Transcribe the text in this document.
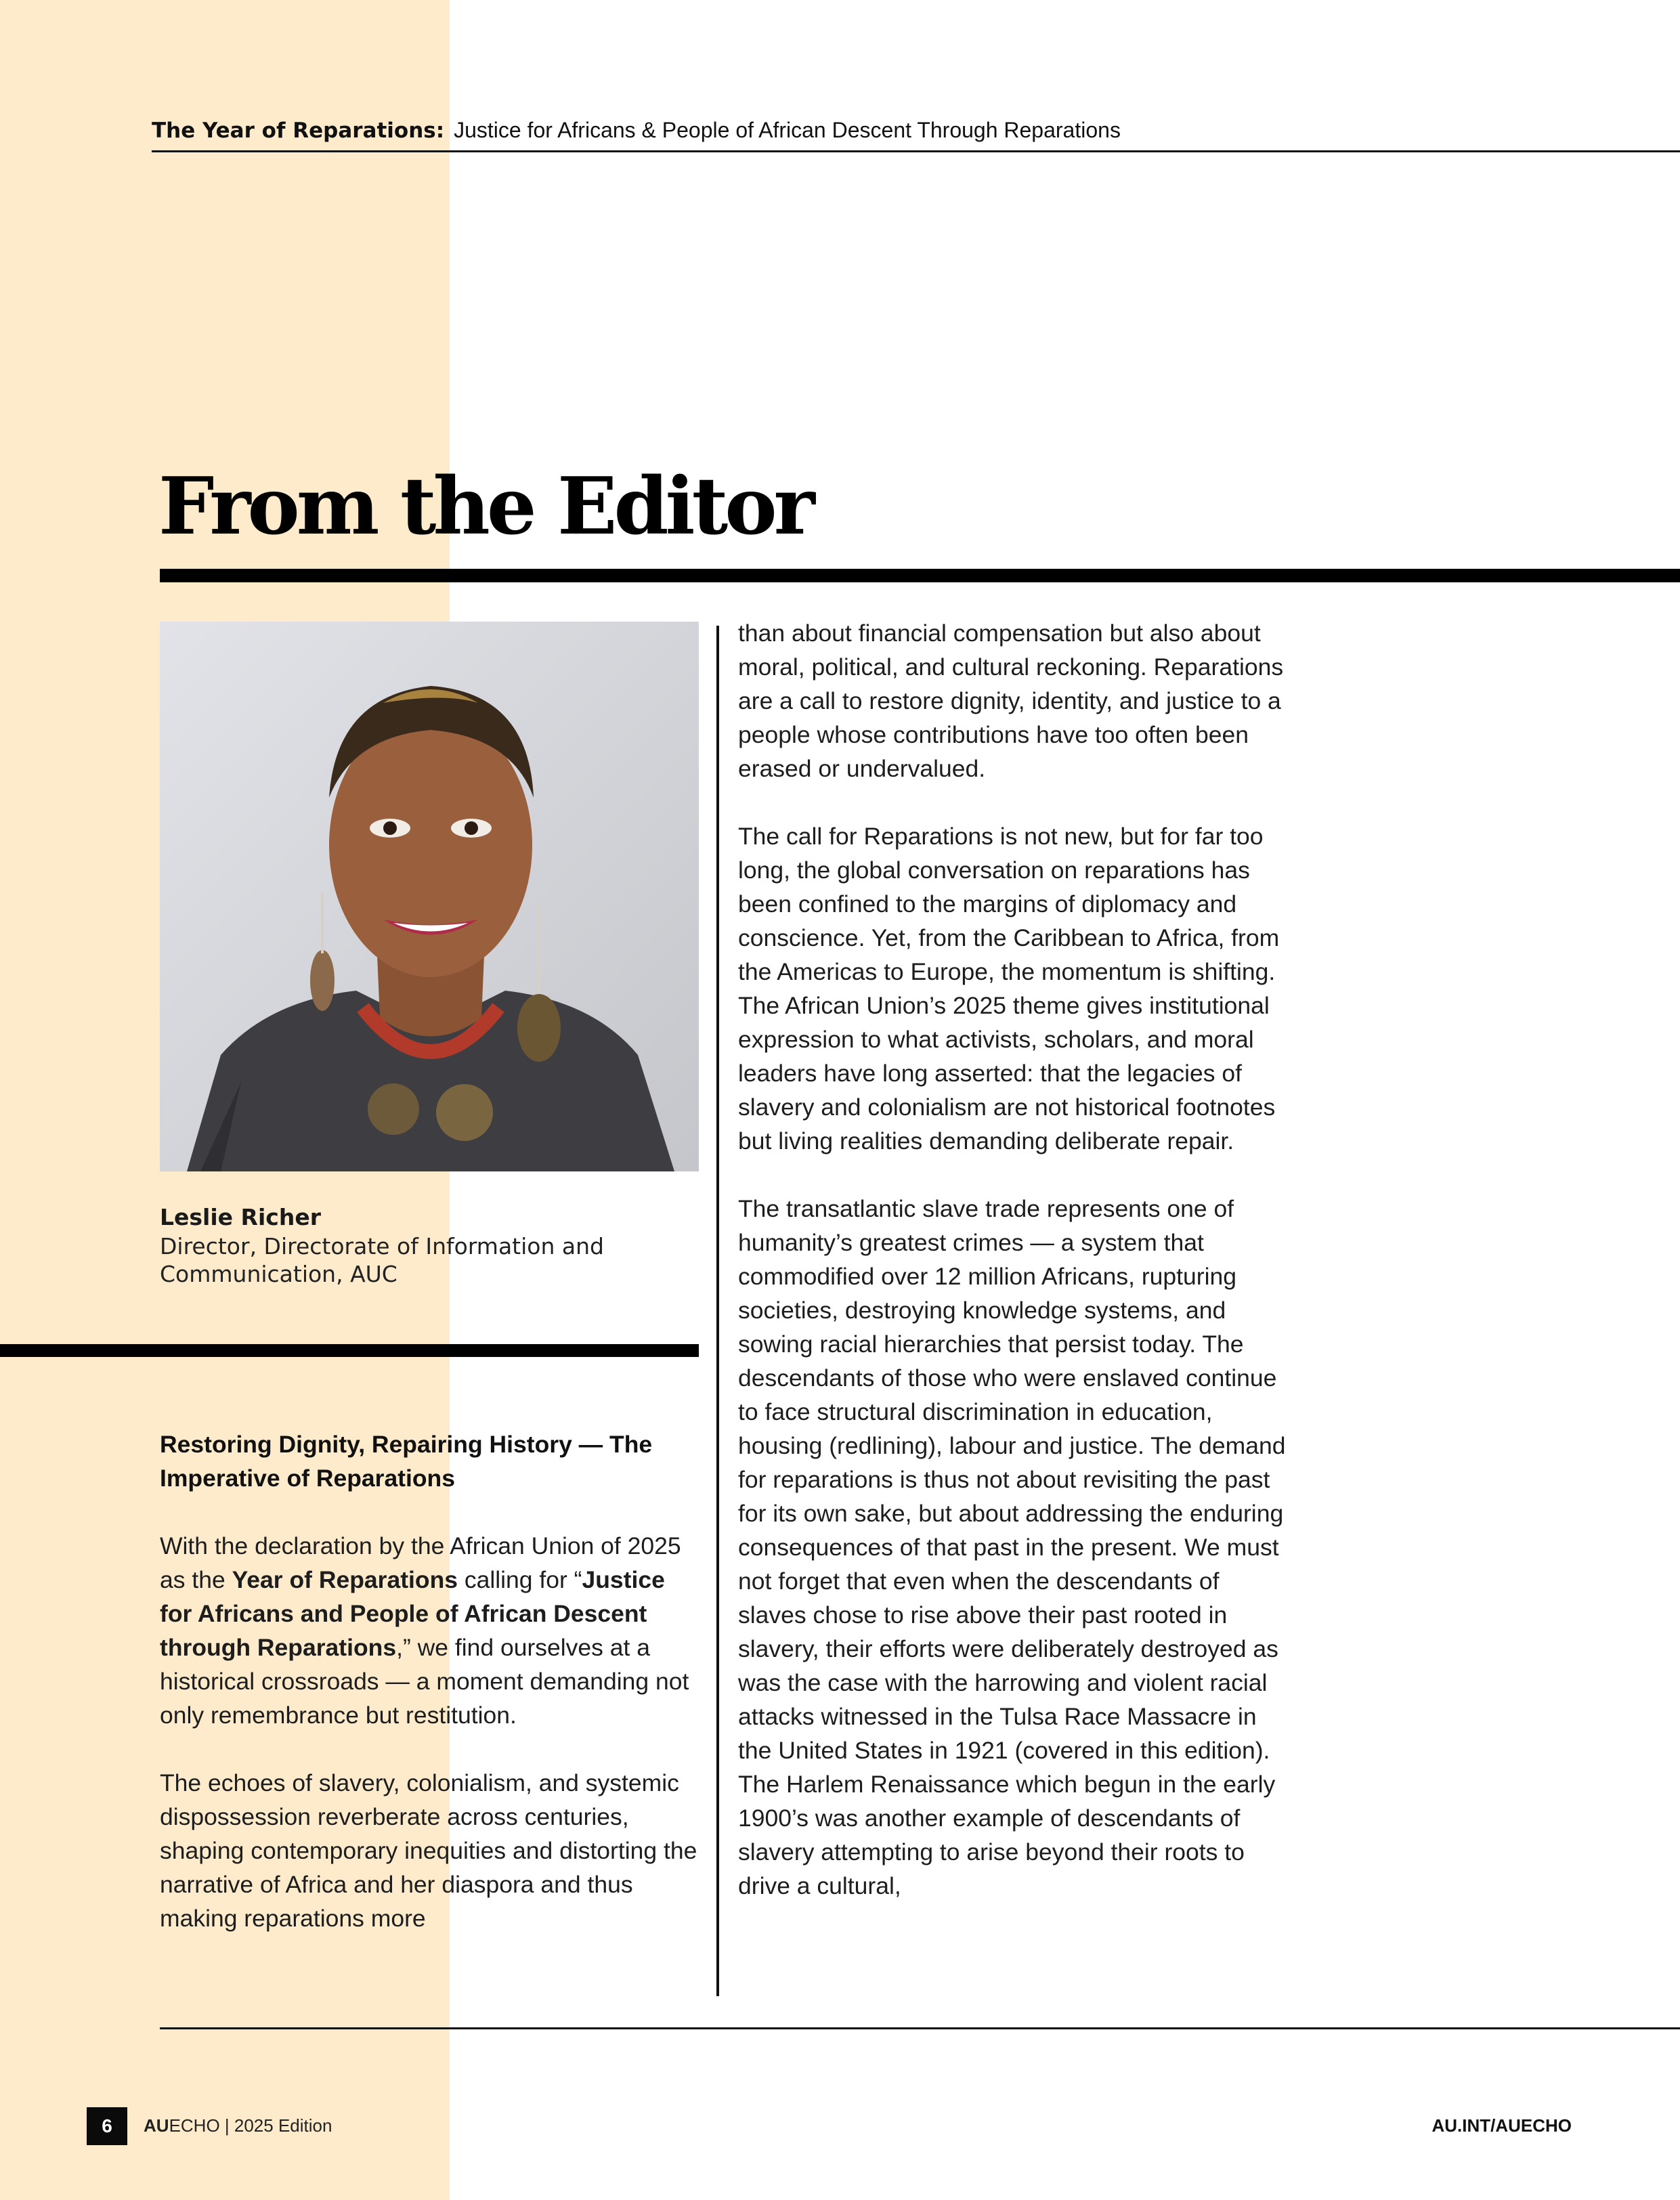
The Year of Reparations: Justice for Africans & People of African Descent Through Reparations
From the Editor
Leslie Richer
Director, Directorate of Information and Communication, AUC

Restoring Dignity, Repairing History — The Imperative of Reparations

With the declaration by the African Union of 2025 as the Year of Reparations calling for “Justice for Africans and People of African Descent through Reparations,” we find ourselves at a historical crossroads — a moment demanding not only remembrance but restitution.

The echoes of slavery, colonialism, and systemic dispossession reverberate across centuries, shaping contemporary inequities and distorting the narrative of Africa and her diaspora and thus making reparations more

than about financial compensation but also about moral, political, and cultural reckoning. Reparations are a call to restore dignity, identity, and justice to a people whose contributions have too often been erased or undervalued.

The call for Reparations is not new, but for far too long, the global conversation on reparations has been confined to the margins of diplomacy and conscience. Yet, from the Caribbean to Africa, from the Americas to Europe, the momentum is shifting. The African Union’s 2025 theme gives institutional expression to what activists, scholars, and moral leaders have long asserted: that the legacies of slavery and colonialism are not historical footnotes but living realities demanding deliberate repair.

The transatlantic slave trade represents one of humanity’s greatest crimes — a system that commodified over 12 million Africans, rupturing societies, destroying knowledge systems, and sowing racial hierarchies that persist today. The descendants of those who were enslaved continue to face structural discrimination in education, housing (redlining), labour and justice. The demand for reparations is thus not about revisiting the past for its own sake, but about addressing the enduring consequences of that past in the present. We must not forget that even when the descendants of slaves chose to rise above their past rooted in slavery, their efforts were deliberately destroyed as was the case with the harrowing and violent racial attacks witnessed in the Tulsa Race Massacre in the United States in 1921 (covered in this edition). The Harlem Renaissance which begun in the early 1900’s was another example of descendants of slavery attempting to arise beyond their roots to drive a cultural,

6	AUECHO | 2025 Edition	AU.INT/AUECHO
